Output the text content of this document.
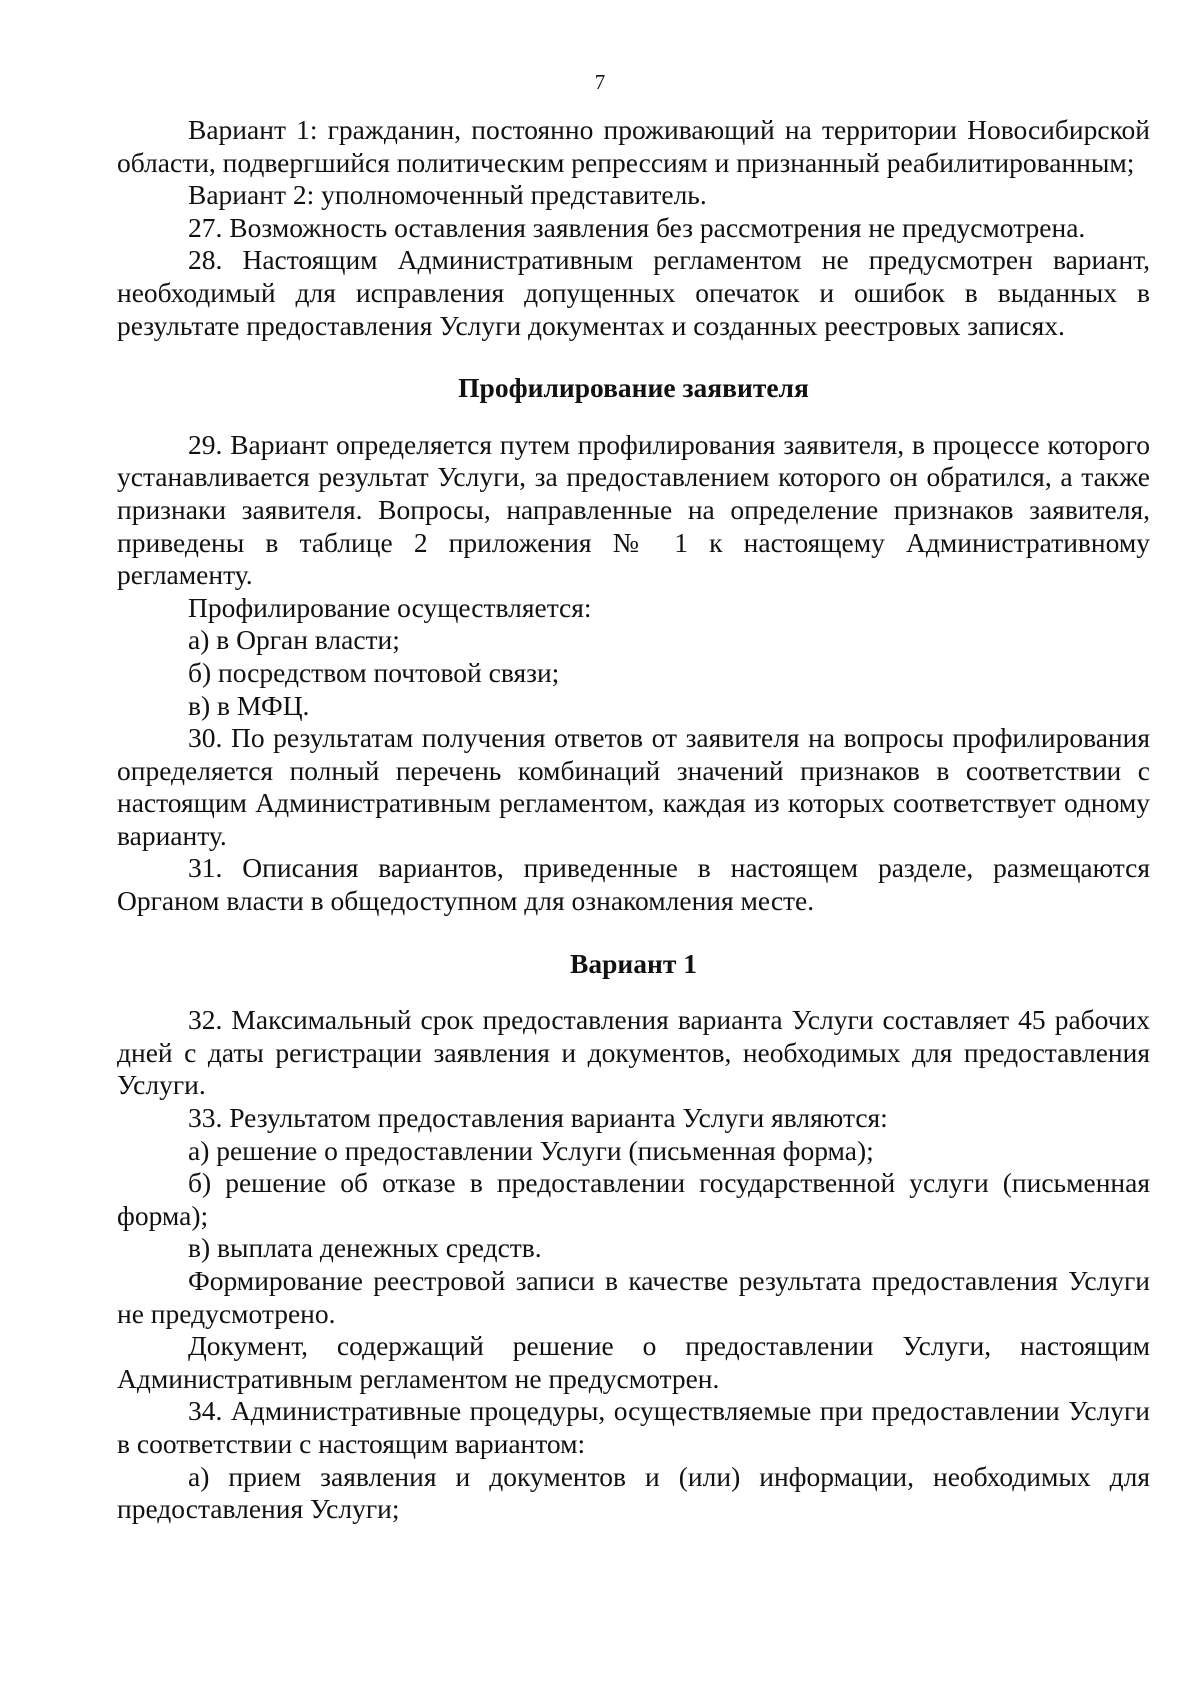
7

Вариант 1: гражданин, постоянно проживающий на территории Новосибирской области, подвергшийся политическим репрессиям и признанный реабилитированным;

Вариант 2: уполномоченный представитель.

27. Возможность оставления заявления без рассмотрения не предусмотрена.

28. Настоящим Административным регламентом не предусмотрен вариант, необходимый для исправления допущенных опечаток и ошибок в выданных в результате предоставления Услуги документах и созданных реестровых записях.

Профилирование заявителя

29. Вариант определяется путем профилирования заявителя, в процессе которого устанавливается результат Услуги, за предоставлением которого он обратился, а также признаки заявителя. Вопросы, направленные на определение признаков заявителя, приведены в таблице 2 приложения № 1 к настоящему Административному регламенту.

Профилирование осуществляется:

а) в Орган власти;

б) посредством почтовой связи;

в) в МФЦ.

30. По результатам получения ответов от заявителя на вопросы профилирования определяется полный перечень комбинаций значений признаков в соответствии с настоящим Административным регламентом, каждая из которых соответствует одному варианту.

31. Описания вариантов, приведенные в настоящем разделе, размещаются Органом власти в общедоступном для ознакомления месте.

Вариант 1

32. Максимальный срок предоставления варианта Услуги составляет 45 рабочих дней с даты регистрации заявления и документов, необходимых для предоставления Услуги.

33. Результатом предоставления варианта Услуги являются:

а) решение о предоставлении Услуги (письменная форма);

б) решение об отказе в предоставлении государственной услуги (письменная форма);

в) выплата денежных средств.

Формирование реестровой записи в качестве результата предоставления Услуги не предусмотрено.

Документ, содержащий решение о предоставлении Услуги, настоящим Административным регламентом не предусмотрен.

34. Административные процедуры, осуществляемые при предоставлении Услуги в соответствии с настоящим вариантом:

а) прием заявления и документов и (или) информации, необходимых для предоставления Услуги;
